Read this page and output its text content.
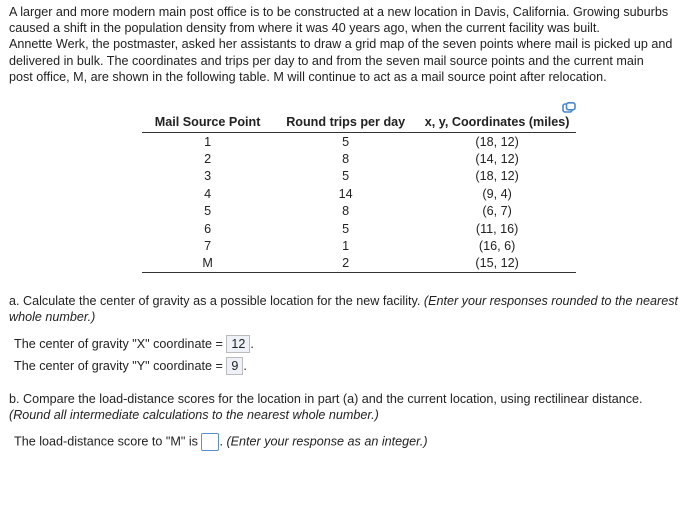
A larger and more modern main post office is to be constructed at a new location in Davis, California. Growing suburbs

caused a shift in the population density from where it was 40 years ago, when the current facility was built.

Annette Werk, the postmaster, asked her assistants to draw a grid map of the seven points where mail is picked up and

delivered in bulk. The coordinates and trips per day to and from the seven mail source points and the current main

post office, M, are shown in the following table. M will continue to act as a mail source point after relocation.

Mail Source Point	Round trips per day	x, y, Coordinates (miles)
1	5	(18, 12)
2	8	(14, 12)
3	5	(18, 12)
4	14	(9, 4)
5	8	(6, 7)
6	5	(11, 16)
7	1	(16, 6)
M	2	(15, 12)

a. Calculate the center of gravity as a possible location for the new facility. (Enter your responses rounded to the nearest

whole number.)

The center of gravity "X" coordinate = 12 .
The center of gravity "Y" coordinate = 9 .

b. Compare the load-distance scores for the location in part (a) and the current location, using rectilinear distance.

(Round all intermediate calculations to the nearest whole number.)

The load-distance score to "M" is . (Enter your response as an integer.)
